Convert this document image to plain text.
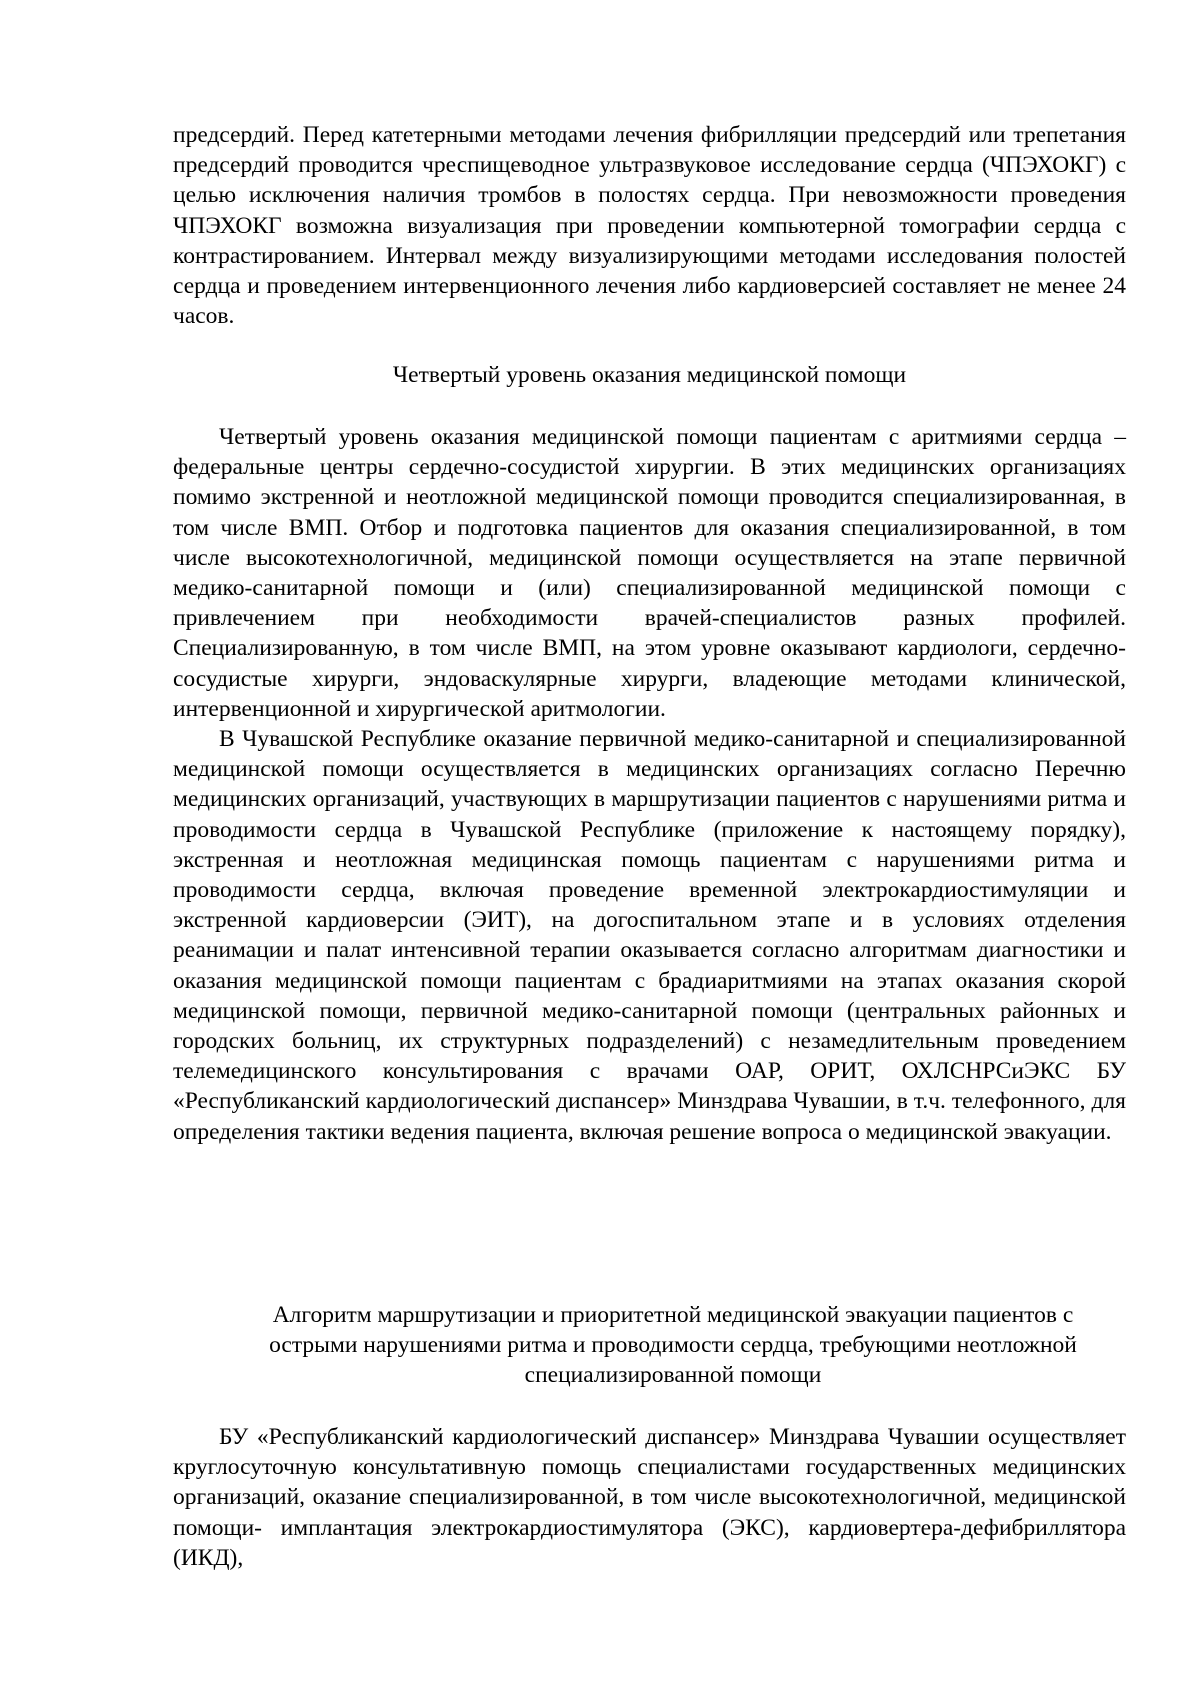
предсердий. Перед катетерными методами лечения фибрилляции предсердий или трепетания предсердий проводится чреспищеводное ультразвуковое исследование сердца (ЧПЭХОКГ) с целью исключения наличия тромбов в полостях сердца. При невозможности проведения ЧПЭХОКГ возможна визуализация при проведении компьютерной томографии сердца с контрастированием. Интервал между визуализирующими методами исследования полостей сердца и проведением интервенционного лечения либо кардиоверсией составляет не менее 24 часов.

Четвертый уровень оказания медицинской помощи

Четвертый уровень оказания медицинской помощи пациентам с аритмиями сердца –федеральные центры сердечно-сосудистой хирургии. В этих медицинских организациях помимо экстренной и неотложной медицинской помощи проводится специализированная, в том числе ВМП. Отбор и подготовка пациентов для оказания специализированной, в том числе высокотехнологичной, медицинской помощи осуществляется на этапе первичной медико-санитарной помощи и (или) специализированной медицинской помощи с привлечением при необходимости врачей-специалистов разных профилей. Специализированную, в том числе ВМП, на этом уровне оказывают кардиологи, сердечно-сосудистые хирурги, эндоваскулярные хирурги, владеющие методами клинической, интервенционной и хирургической аритмологии.

В Чувашской Республике оказание первичной медико-санитарной и специализированной медицинской помощи осуществляется в медицинских организациях согласно Перечню медицинских организаций, участвующих в маршрутизации пациентов с нарушениями ритма и проводимости сердца в Чувашской Республике (приложение к настоящему порядку), экстренная и неотложная медицинская помощь пациентам с нарушениями ритма и проводимости сердца, включая проведение временной электрокардиостимуляции и экстренной кардиоверсии (ЭИТ), на догоспитальном этапе и в условиях отделения реанимации и палат интенсивной терапии оказывается согласно алгоритмам диагностики и оказания медицинской помощи пациентам с брадиаритмиями на этапах оказания скорой медицинской помощи, первичной медико-санитарной помощи (центральных районных и городских больниц, их структурных подразделений) с незамедлительным проведением телемедицинского консультирования с врачами ОАР, ОРИТ, ОХЛСНРСиЭКС БУ «Республиканский кардиологический диспансер» Минздрава Чувашии, в т.ч. телефонного, для определения тактики ведения пациента, включая решение вопроса о медицинской эвакуации.

Алгоритм маршрутизации и приоритетной медицинской эвакуации пациентов с
острыми нарушениями ритма и проводимости сердца, требующими неотложной
специализированной помощи

БУ «Республиканский кардиологический диспансер» Минздрава Чувашии осуществляет круглосуточную консультативную помощь специалистами государственных медицинских организаций, оказание специализированной, в том числе высокотехнологичной, медицинской помощи- имплантация электрокардиостимулятора (ЭКС), кардиовертера-дефибриллятора (ИКД),
